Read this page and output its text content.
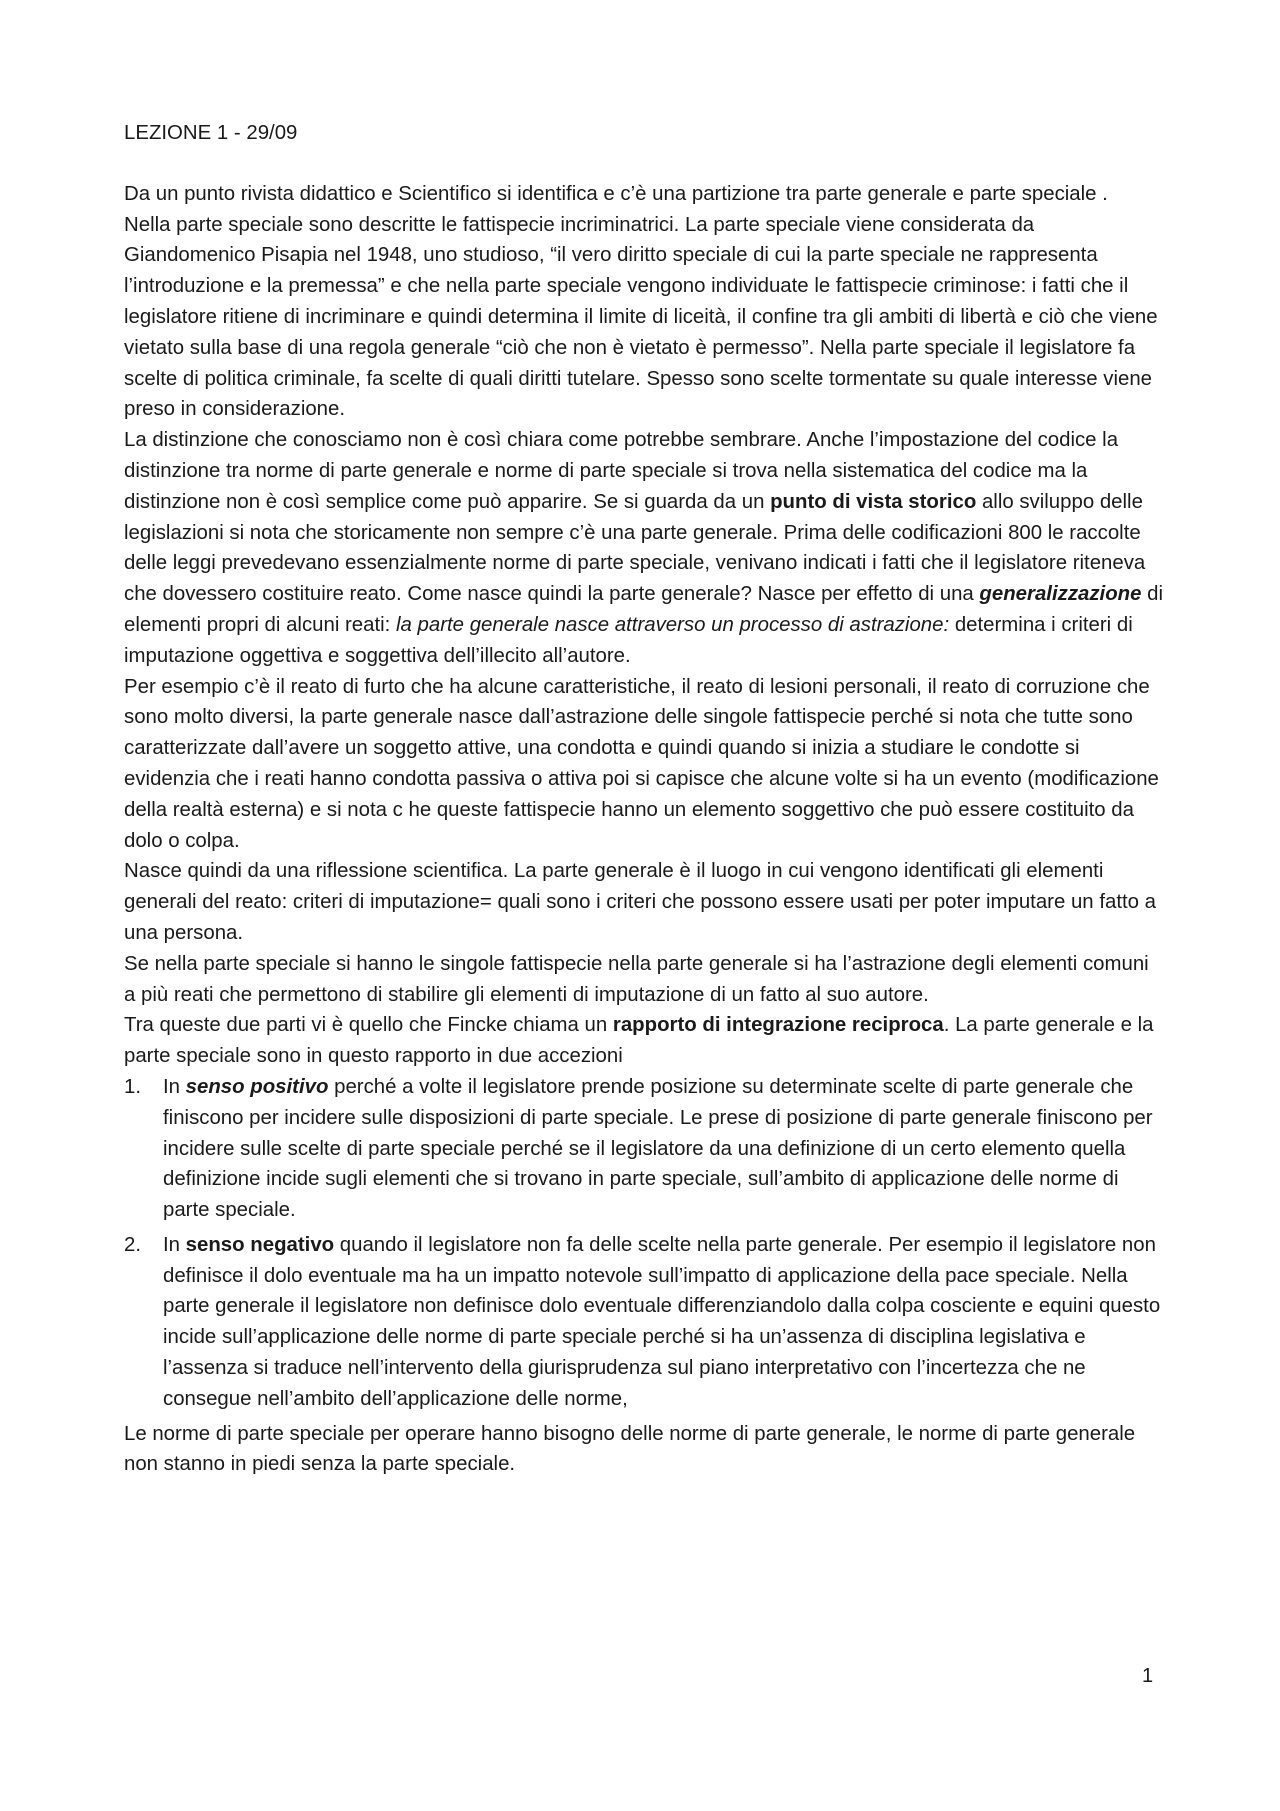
LEZIONE 1 - 29/09

Da un punto rivista didattico e Scientifico si identifica e c’è una partizione tra parte generale e parte speciale .

Nella parte speciale sono descritte le fattispecie incriminatrici. La parte speciale viene considerata da Giandomenico Pisapia nel 1948, uno studioso, “il vero diritto speciale di cui la parte speciale ne rappresenta l’introduzione e la premessa” e che nella parte speciale vengono individuate le fattispecie criminose: i fatti che il legislatore ritiene di incriminare e quindi determina il limite di liceità, il confine tra gli ambiti di libertà e ciò che viene vietato sulla base di una regola generale “ciò che non è vietato è permesso”. Nella parte speciale il legislatore fa scelte di politica criminale, fa scelte di quali diritti tutelare. Spesso sono scelte tormentate su quale interesse viene preso in considerazione.

La distinzione che conosciamo non è così chiara come potrebbe sembrare. Anche l’impostazione del codice la distinzione tra norme di parte generale e norme di parte speciale si trova nella sistematica del codice ma la distinzione non è così semplice come può apparire. Se si guarda da un punto di vista storico allo sviluppo delle legislazioni si nota che storicamente non sempre c’è una parte generale. Prima delle codificazioni 800 le raccolte delle leggi prevedevano essenzialmente norme di parte speciale, venivano indicati i fatti che il legislatore riteneva che dovessero costituire reato. Come nasce quindi la parte generale? Nasce per effetto di una generalizzazione di elementi propri di alcuni reati: la parte generale nasce attraverso un processo di astrazione: determina i criteri di imputazione oggettiva e soggettiva dell’illecito all’autore.

Per esempio c’è il reato di furto che ha alcune caratteristiche, il reato di lesioni personali, il reato di corruzione che sono molto diversi, la parte generale nasce dall’astrazione delle singole fattispecie perché si nota che tutte sono caratterizzate dall’avere un soggetto attive, una condotta e quindi quando si inizia a studiare le condotte si evidenzia che i reati hanno condotta passiva o attiva poi si capisce che alcune volte si ha un evento (modificazione della realtà esterna) e si nota c he queste fattispecie hanno un elemento soggettivo che può essere costituito da dolo o colpa.

Nasce quindi da una riflessione scientifica. La parte generale è il luogo in cui vengono identificati gli elementi generali del reato: criteri di imputazione= quali sono i criteri che possono essere usati per poter imputare un fatto a una persona.

Se nella parte speciale si hanno le singole fattispecie nella parte generale si ha l’astrazione degli elementi comuni a più reati che permettono di stabilire gli elementi di imputazione di un fatto al suo autore.

Tra queste due parti vi è quello che Fincke chiama un rapporto di integrazione reciproca. La parte generale e la parte speciale sono in questo rapporto in due accezioni

1. In senso positivo perché a volte il legislatore prende posizione su determinate scelte di parte generale che finiscono per incidere sulle disposizioni di parte speciale. Le prese di posizione di parte generale finiscono per incidere sulle scelte di parte speciale perché se il legislatore da una definizione di un certo elemento quella definizione incide sugli elementi che si trovano in parte speciale, sull’ambito di applicazione delle norme di parte speciale.
2. In senso negativo quando il legislatore non fa delle scelte nella parte generale. Per esempio il legislatore non definisce il dolo eventuale ma ha un impatto notevole sull’impatto di applicazione della pace speciale. Nella parte generale il legislatore non definisce dolo eventuale differenziandolo dalla colpa cosciente e equini questo incide sull’applicazione delle norme di parte speciale perché si ha un’assenza di disciplina legislativa e l’assenza si traduce nell’intervento della giurisprudenza sul piano interpretativo con l’incertezza che ne consegue nell’ambito dell’applicazione delle norme,

Le norme di parte speciale per operare hanno bisogno delle norme di parte generale, le norme di parte generale non stanno in piedi senza la parte speciale.

1
